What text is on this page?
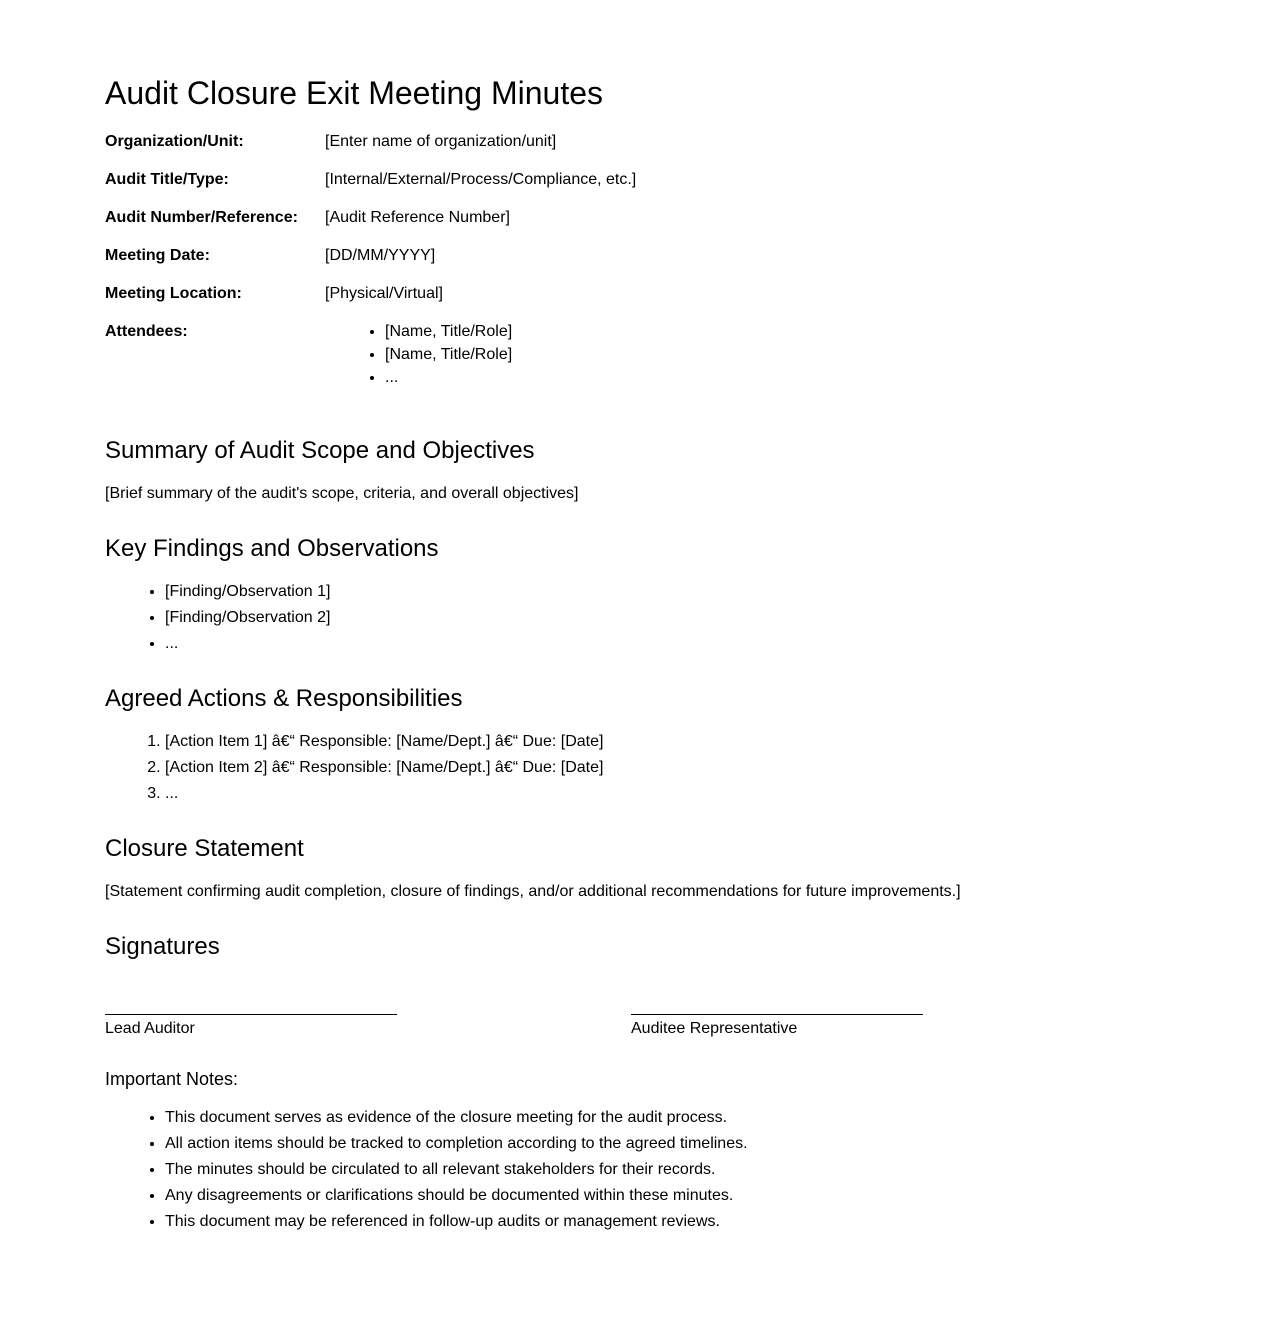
Audit Closure Exit Meeting Minutes
Organization/Unit:	[Enter name of organization/unit]
Audit Title/Type:	[Internal/External/Process/Compliance, etc.]
Audit Number/Reference:	[Audit Reference Number]
Meeting Date:	[DD/MM/YYYY]
Meeting Location:	[Physical/Virtual]
Attendees:
•	[Name, Title/Role]
• [Name, Title/Role]
• ...
Summary of Audit Scope and Objectives
[Brief summary of the audit's scope, criteria, and overall objectives]
Key Findings and Observations
• [Finding/Observation 1]
• [Finding/Observation 2]
• ...
Agreed Actions & Responsibilities
1. [Action Item 1] â€“ Responsible: [Name/Dept.] â€“ Due: [Date]
2. [Action Item 2] â€“ Responsible: [Name/Dept.] â€“ Due: [Date]
3. ...
Closure Statement
[Statement confirming audit completion, closure of findings, and/or additional recommendations for future improvements.]
Signatures
Lead Auditor	Auditee Representative
Important Notes:
• This document serves as evidence of the closure meeting for the audit process.
• All action items should be tracked to completion according to the agreed timelines.
• The minutes should be circulated to all relevant stakeholders for their records.
• Any disagreements or clarifications should be documented within these minutes.
• This document may be referenced in follow-up audits or management reviews.
